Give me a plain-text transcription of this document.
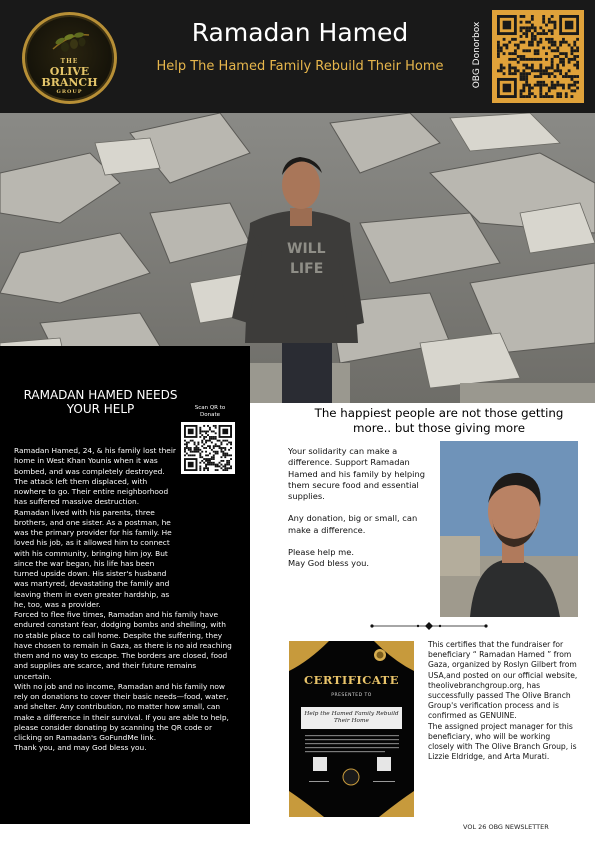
THE
OLIVE BRANCH
GROUP
Ramadan Hamed
Help The Hamed Family Rebuild Their Home	OBG Donorbox
WILL
LIFE
RAMADAN HAMED NEEDS YOUR HELP	Scan QR to Donate

Ramadan Hamed, 24, & his family lost their home in West Khan Younis when it was bombed, and was completely destroyed. The attack left them displaced, with nowhere to go. Their entire neighborhood has suffered massive destruction. Ramadan lived with his parents, three brothers, and one sister. As a postman, he was the primary provider for his family. He loved his job, as it allowed him to connect with his community, bringing him joy. But since the war began, his life has been turned upside down. His sister's husband was martyred, devastating the family and leaving them in even greater hardship, as he, too, was a provider.

Forced to flee five times, Ramadan and his family have endured constant fear, dodging bombs and shelling, with no stable place to call home. Despite the suffering, they have chosen to remain in Gaza, as there is no aid reaching them and no way to escape. The borders are closed, food and supplies are scarce, and their future remains uncertain.

With no job and no income, Ramadan and his family now rely on donations to cover their basic needs—food, water, and shelter. Any contribution, no matter how small, can make a difference in their survival. If you are able to help, please consider donating by scanning the QR code or clicking on Ramadan's GoFundMe link.

Thank you, and may God bless you.

The happiest people are not those getting more.. but those giving more

Your solidarity can make a difference. Support Ramadan Hamed and his family by helping them secure food and essential supplies.

Any donation, big or small, can make a difference.

Please help me.
May God bless you.
CERTIFICATE
PRESENTED TO
Help the Hamed Family Rebuild Their Home

This certifies that the fundraiser for beneficiary “ Ramadan Hamed ” from Gaza, organized by Roslyn Gilbert from USA,and posted on our official website, theolivebranchgroup.org, has successfully passed The Olive Branch Group's verification process and is confirmed as GENUINE.

The assigned project manager for this beneficiary, who will be working closely with The Olive Branch Group, is Lizzie Eldridge, and Arta Murati.

VOL 26 OBG NEWSLETTER
